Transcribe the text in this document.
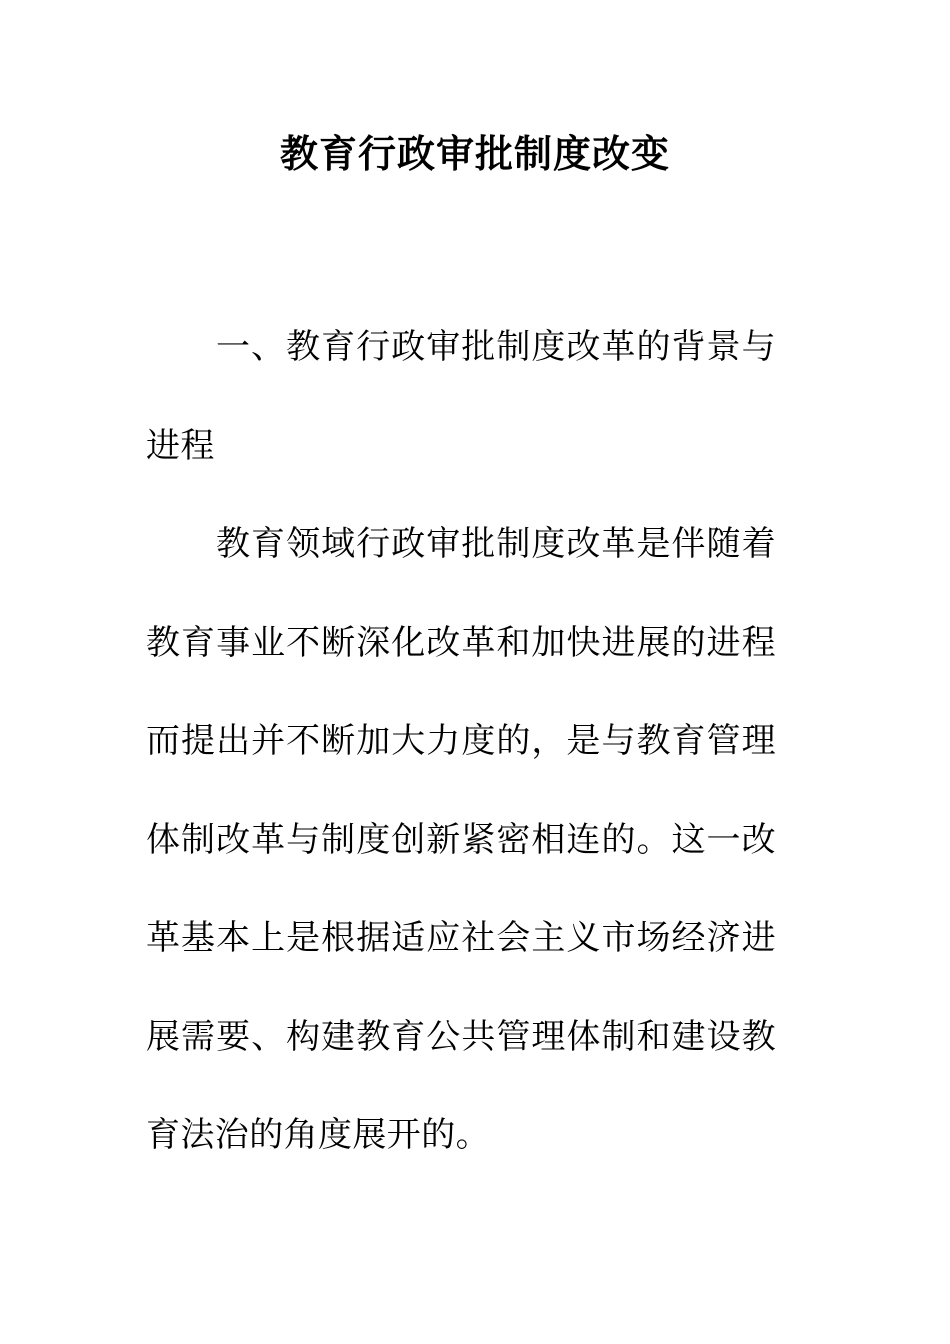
教育行政审批制度改变

一、教育行政审批制度改革的背景与进程

教育领域行政审批制度改革是伴随着教育事业不断深化改革和加快进展的进程而提出并不断加大力度的，是与教育管理体制改革与制度创新紧密相连的。这一改革基本上是根据适应社会主义市场经济进展需要、构建教育公共管理体制和建设教育法治的角度展开的。
